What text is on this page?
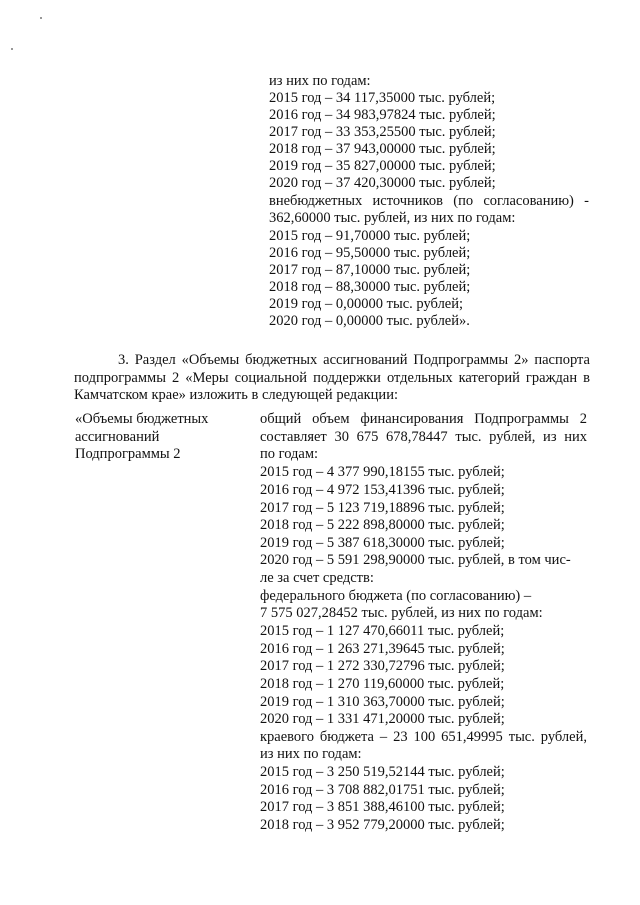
из них по годам:
2015 год – 34 117,35000 тыс. рублей;
2016 год – 34 983,97824 тыс. рублей;
2017 год – 33 353,25500 тыс. рублей;
2018 год – 37 943,00000 тыс. рублей;
2019 год – 35 827,00000 тыс. рублей;
2020 год – 37 420,30000 тыс. рублей;
внебюджетных источников (по согласованию) -
362,60000 тыс. рублей, из них по годам:
2015 год – 91,70000 тыс. рублей;
2016 год – 95,50000 тыс. рублей;
2017 год – 87,10000 тыс. рублей;
2018 год – 88,30000 тыс. рублей;
2019 год – 0,00000 тыс. рублей;
2020 год – 0,00000 тыс. рублей».
3. Раздел «Объемы бюджетных ассигнований Подпрограммы 2» паспорта
подпрограммы 2 «Меры социальной поддержки отдельных категорий граждан в
Камчатском крае» изложить в следующей редакции:
«Объемы бюджетных
ассигнований
Подпрограммы 2
общий объем финансирования Подпрограммы 2
составляет 30 675 678,78447 тыс. рублей, из них
по годам:
2015 год – 4 377 990,18155 тыс. рублей;
2016 год – 4 972 153,41396 тыс. рублей;
2017 год – 5 123 719,18896 тыс. рублей;
2018 год – 5 222 898,80000 тыс. рублей;
2019 год – 5 387 618,30000 тыс. рублей;
2020 год – 5 591 298,90000 тыс. рублей, в том чис-
ле за счет средств:
федерального бюджета (по согласованию) –
7 575 027,28452 тыс. рублей, из них по годам:
2015 год – 1 127 470,66011 тыс. рублей;
2016 год – 1 263 271,39645 тыс. рублей;
2017 год – 1 272 330,72796 тыс. рублей;
2018 год – 1 270 119,60000 тыс. рублей;
2019 год – 1 310 363,70000 тыс. рублей;
2020 год – 1 331 471,20000 тыс. рублей;
краевого бюджета – 23 100 651,49995 тыс. рублей,
из них по годам:
2015 год – 3 250 519,52144 тыс. рублей;
2016 год – 3 708 882,01751 тыс. рублей;
2017 год – 3 851 388,46100 тыс. рублей;
2018 год – 3 952 779,20000 тыс. рублей;
